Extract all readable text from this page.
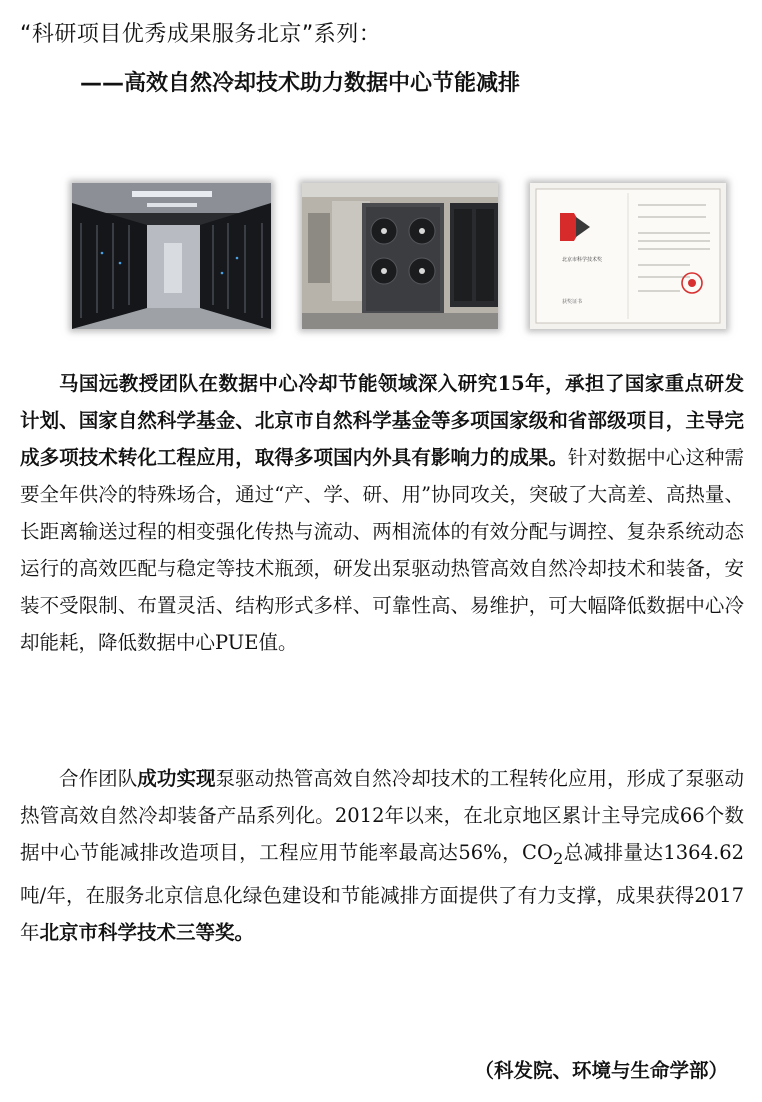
“科研项目优秀成果服务北京”系列：
——高效自然冷却技术助力数据中心节能减排
北京市科学技术奖
获奖证书

马国远教授团队在数据中心冷却节能领域深入研究15年，承担了国家重点研发计划、国家自然科学基金、北京市自然科学基金等多项国家级和省部级项目，主导完成多项技术转化工程应用，取得多项国内外具有影响力的成果。针对数据中心这种需要全年供冷的特殊场合，通过“产、学、研、用”协同攻关，突破了大高差、高热量、长距离输送过程的相变强化传热与流动、两相流体的有效分配与调控、复杂系统动态运行的高效匹配与稳定等技术瓶颈，研发出泵驱动热管高效自然冷却技术和装备，安装不受限制、布置灵活、结构形式多样、可靠性高、易维护，可大幅降低数据中心冷却能耗，降低数据中心PUE值。

合作团队成功实现泵驱动热管高效自然冷却技术的工程转化应用，形成了泵驱动热管高效自然冷却装备产品系列化。2012年以来，在北京地区累计主导完成66个数据中心节能减排改造项目，工程应用节能率最高达56%，$CO_2$总减排量达1364.62吨/年，在服务北京信息化绿色建设和节能减排方面提供了有力支撑，成果获得2017年北京市科学技术三等奖。

（科发院、环境与生命学部）
